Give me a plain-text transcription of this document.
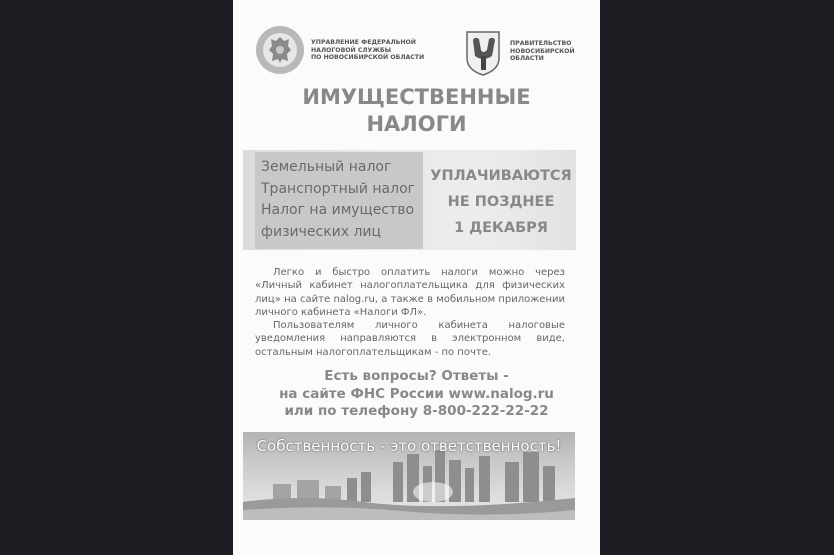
УПРАВЛЕНИЕ ФЕДЕРАЛЬНОЙ
НАЛОГОВОЙ СЛУЖБЫ
ПО НОВОСИБИРСКОЙ ОБЛАСТИ
ПРАВИТЕЛЬСТВО
НОВОСИБИРСКОЙ
ОБЛАСТИ
ИМУЩЕСТВЕННЫЕ
НАЛОГИ
Земельный налог
Транспортный налог
Налог на имущество
физических лиц
УПЛАЧИВАЮТСЯ
НЕ ПОЗДНЕЕ
1 ДЕКАБРЯ

Легко и быстро оплатить налоги можно через «Личный кабинет налогоплательщика для физических лиц» на сайте nalog.ru, а также в мобильном приложении личного кабинета «Налоги ФЛ».

Пользователям личного кабинета налоговые уведомления направляются в электронном виде, остальным налогоплательщикам - по почте.

Есть вопросы? Ответы -
на сайте ФНС России www.nalog.ru
или по телефону 8-800-222-22-22
Собственность - это ответственность!
